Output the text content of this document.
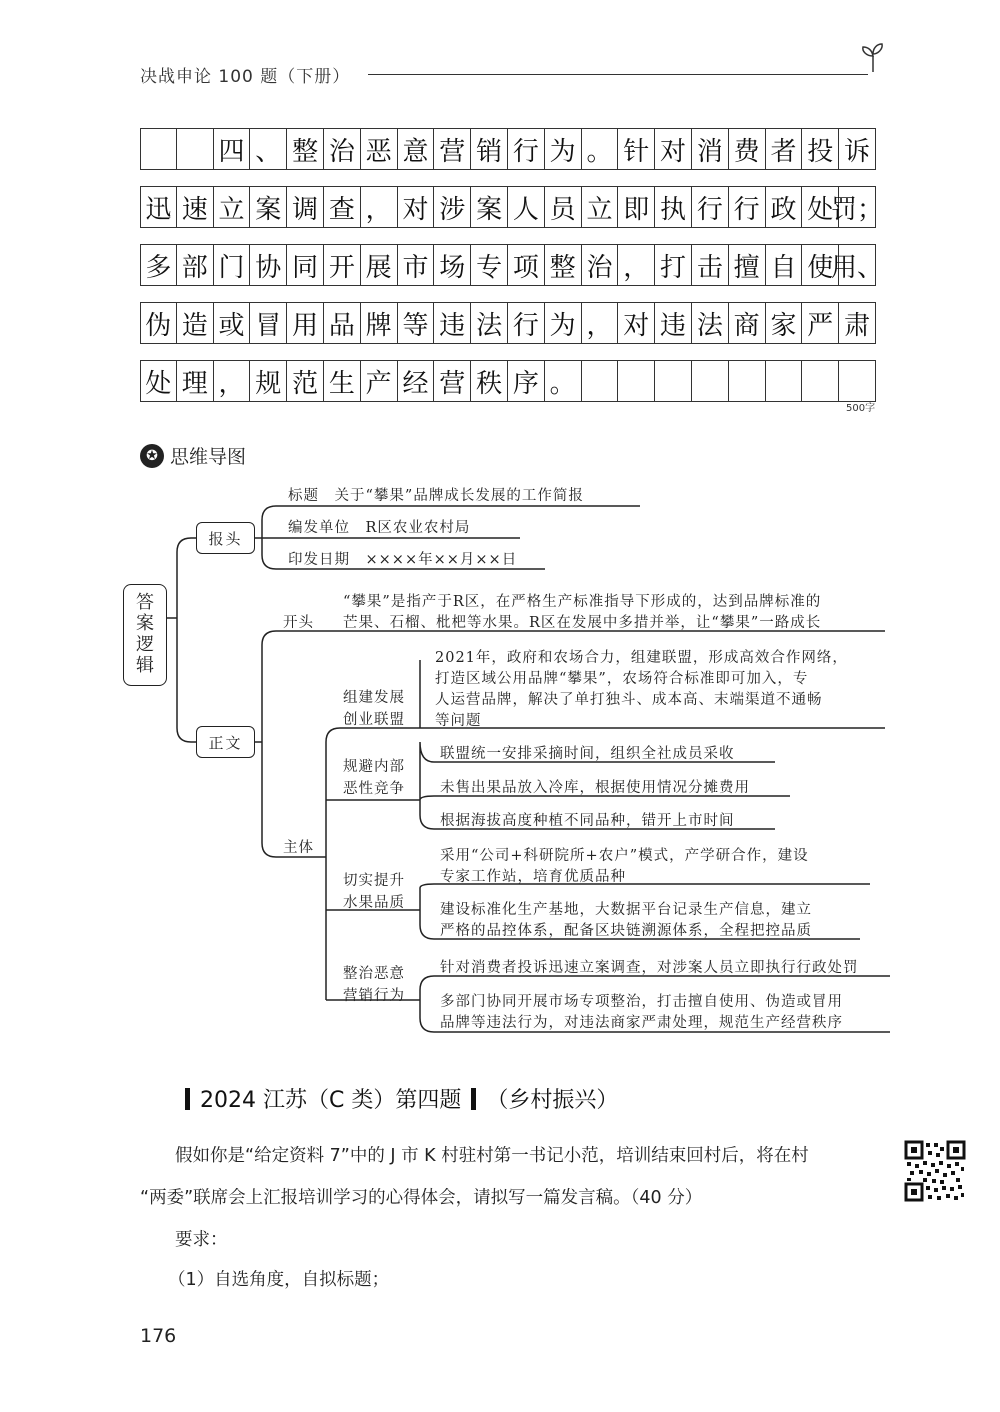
决战申论 100 题（下册）
四 、 整 治 恶 意 营 销 行 为 。 针 对 消 费 者 投 诉
迅 速 立 案 调 查 ， 对 涉 案 人 员 立 即 执 行 行 政 处
罚；
多 部 门 协 同 开 展 市 场 专 项 整 治 ， 打 击 擅 自 使
用、
伪 造 或 冒 用 品 牌 等 违 法 行 为 ， 对 违 法 商 家 严 肃
处 理 ， 规 范 生 产 经 营 秩 序 。
500字
✪ 思维导图
答
案
逻
辑
报头
标题　关于“攀果”品牌成长发展的工作简报
编发单位　R区农业农村局
印发日期　××××年××月××日
正文
开头
“攀果”是指产于R区，在严格生产标准指导下形成的，达到品牌标准的
芒果、石榴、枇杷等水果。R区在发展中多措并举，让“攀果”一路成长
主体
组建发展
创业联盟
2021年，政府和农场合力，组建联盟，形成高效合作网络，
打造区域公用品牌“攀果”，农场符合标准即可加入，专
人运营品牌，解决了单打独斗、成本高、末端渠道不通畅
等问题
规避内部
恶性竞争
联盟统一安排采摘时间，组织全社成员采收
未售出果品放入冷库，根据使用情况分摊费用
根据海拔高度种植不同品种，错开上市时间
切实提升
水果品质
采用“公司+科研院所+农户”模式，产学研合作，建设
专家工作站，培育优质品种
建设标准化生产基地，大数据平台记录生产信息，建立
严格的品控体系，配备区块链溯源体系，全程把控品质
整治恶意
营销行为
针对消费者投诉迅速立案调查，对涉案人员立即执行行政处罚
多部门协同开展市场专项整治，打击擅自使用、伪造或冒用
品牌等违法行为，对违法商家严肃处理，规范生产经营秩序
2024 江苏（C 类）第四题 （乡村振兴）
假如你是“给定资料 7”中的 J 市 K 村驻村第一书记小范，培训结束回村后，将在村
“两委”联席会上汇报培训学习的心得体会，请拟写一篇发言稿。（40 分）
要求：
（1）自选角度，自拟标题；
176
